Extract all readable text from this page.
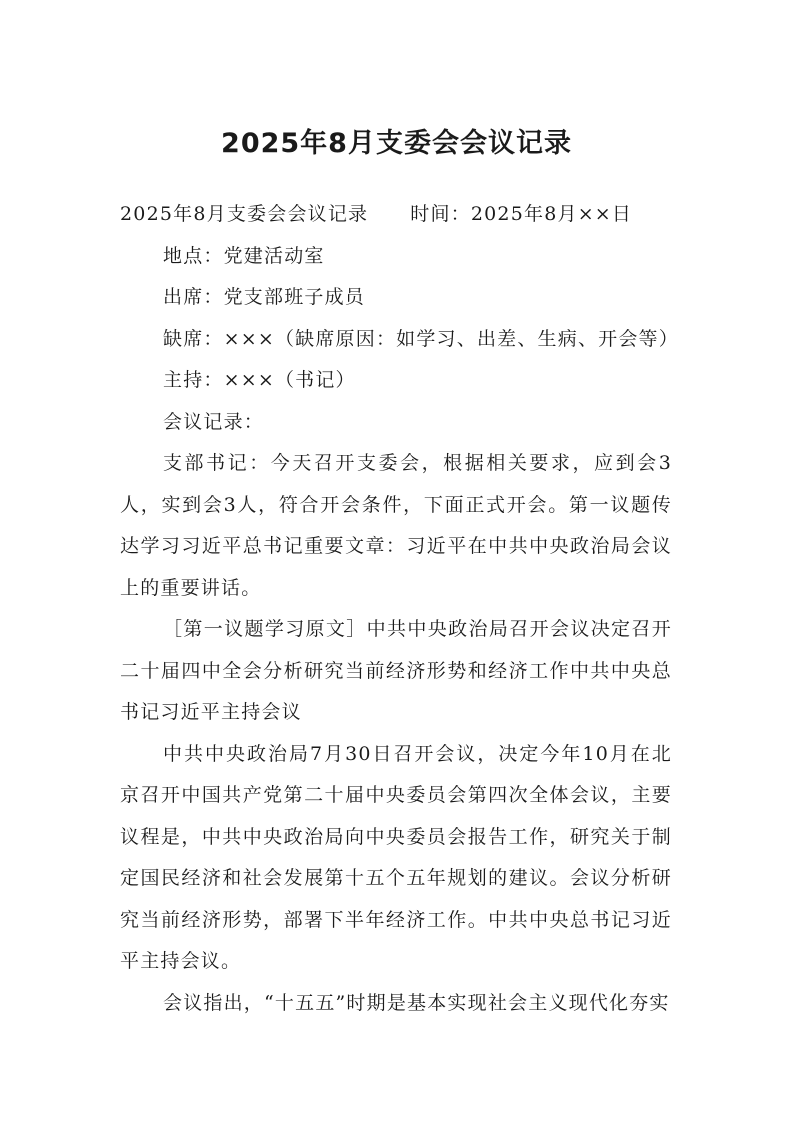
2025年8月支委会会议记录

2025年8月支委会会议记录 时间：2025年8月××日

地点：党建活动室

出席：党支部班子成员

缺席：×××（缺席原因：如学习、出差、生病、开会等）

主持：×××（书记）

会议记录：

支部书记：今天召开支委会，根据相关要求，应到会3人，实到会3人，符合开会条件，下面正式开会。第一议题传达学习习近平总书记重要文章：习近平在中共中央政治局会议上的重要讲话。

［第一议题学习原文］中共中央政治局召开会议决定召开二十届四中全会分析研究当前经济形势和经济工作中共中央总书记习近平主持会议

中共中央政治局7月30日召开会议，决定今年10月在北京召开中国共产党第二十届中央委员会第四次全体会议，主要议程是，中共中央政治局向中央委员会报告工作，研究关于制定国民经济和社会发展第十五个五年规划的建议。会议分析研究当前经济形势，部署下半年经济工作。中共中央总书记习近平主持会议。

会议指出，“十五五”时期是基本实现社会主义现代化夯实
